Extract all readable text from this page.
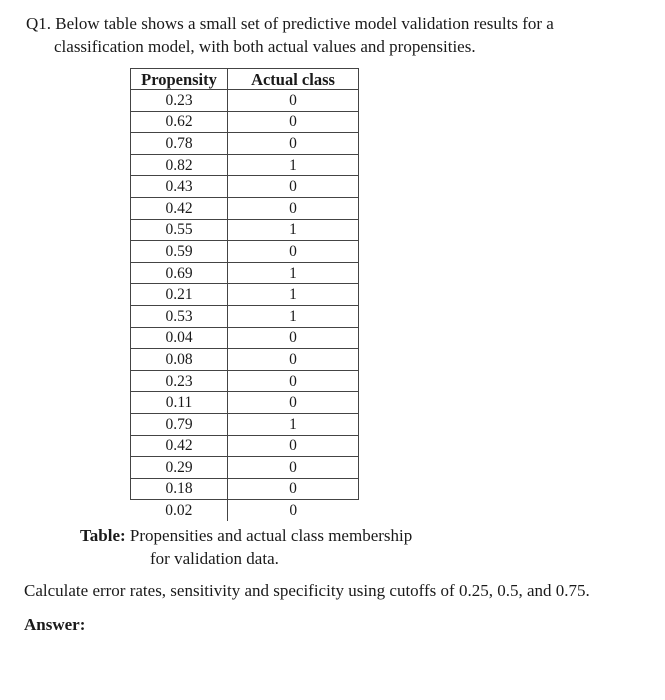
Q1. Below table shows a small set of predictive model validation results for a
classification model, with both actual values and propensities.
Propensity	Actual class
0.23	0
0.62	0
0.78	0
0.82	1
0.43	0
0.42	0
0.55	1
0.59	0
0.69	1
0.21	1
0.53	1
0.04	0
0.08	0
0.23	0
0.11	0
0.79	1
0.42	0
0.29	0
0.18	0
0.02	0
Table: Propensities and actual class membership
for validation data.
Calculate error rates, sensitivity and specificity using cutoffs of 0.25, 0.5, and 0.75.
Answer:
